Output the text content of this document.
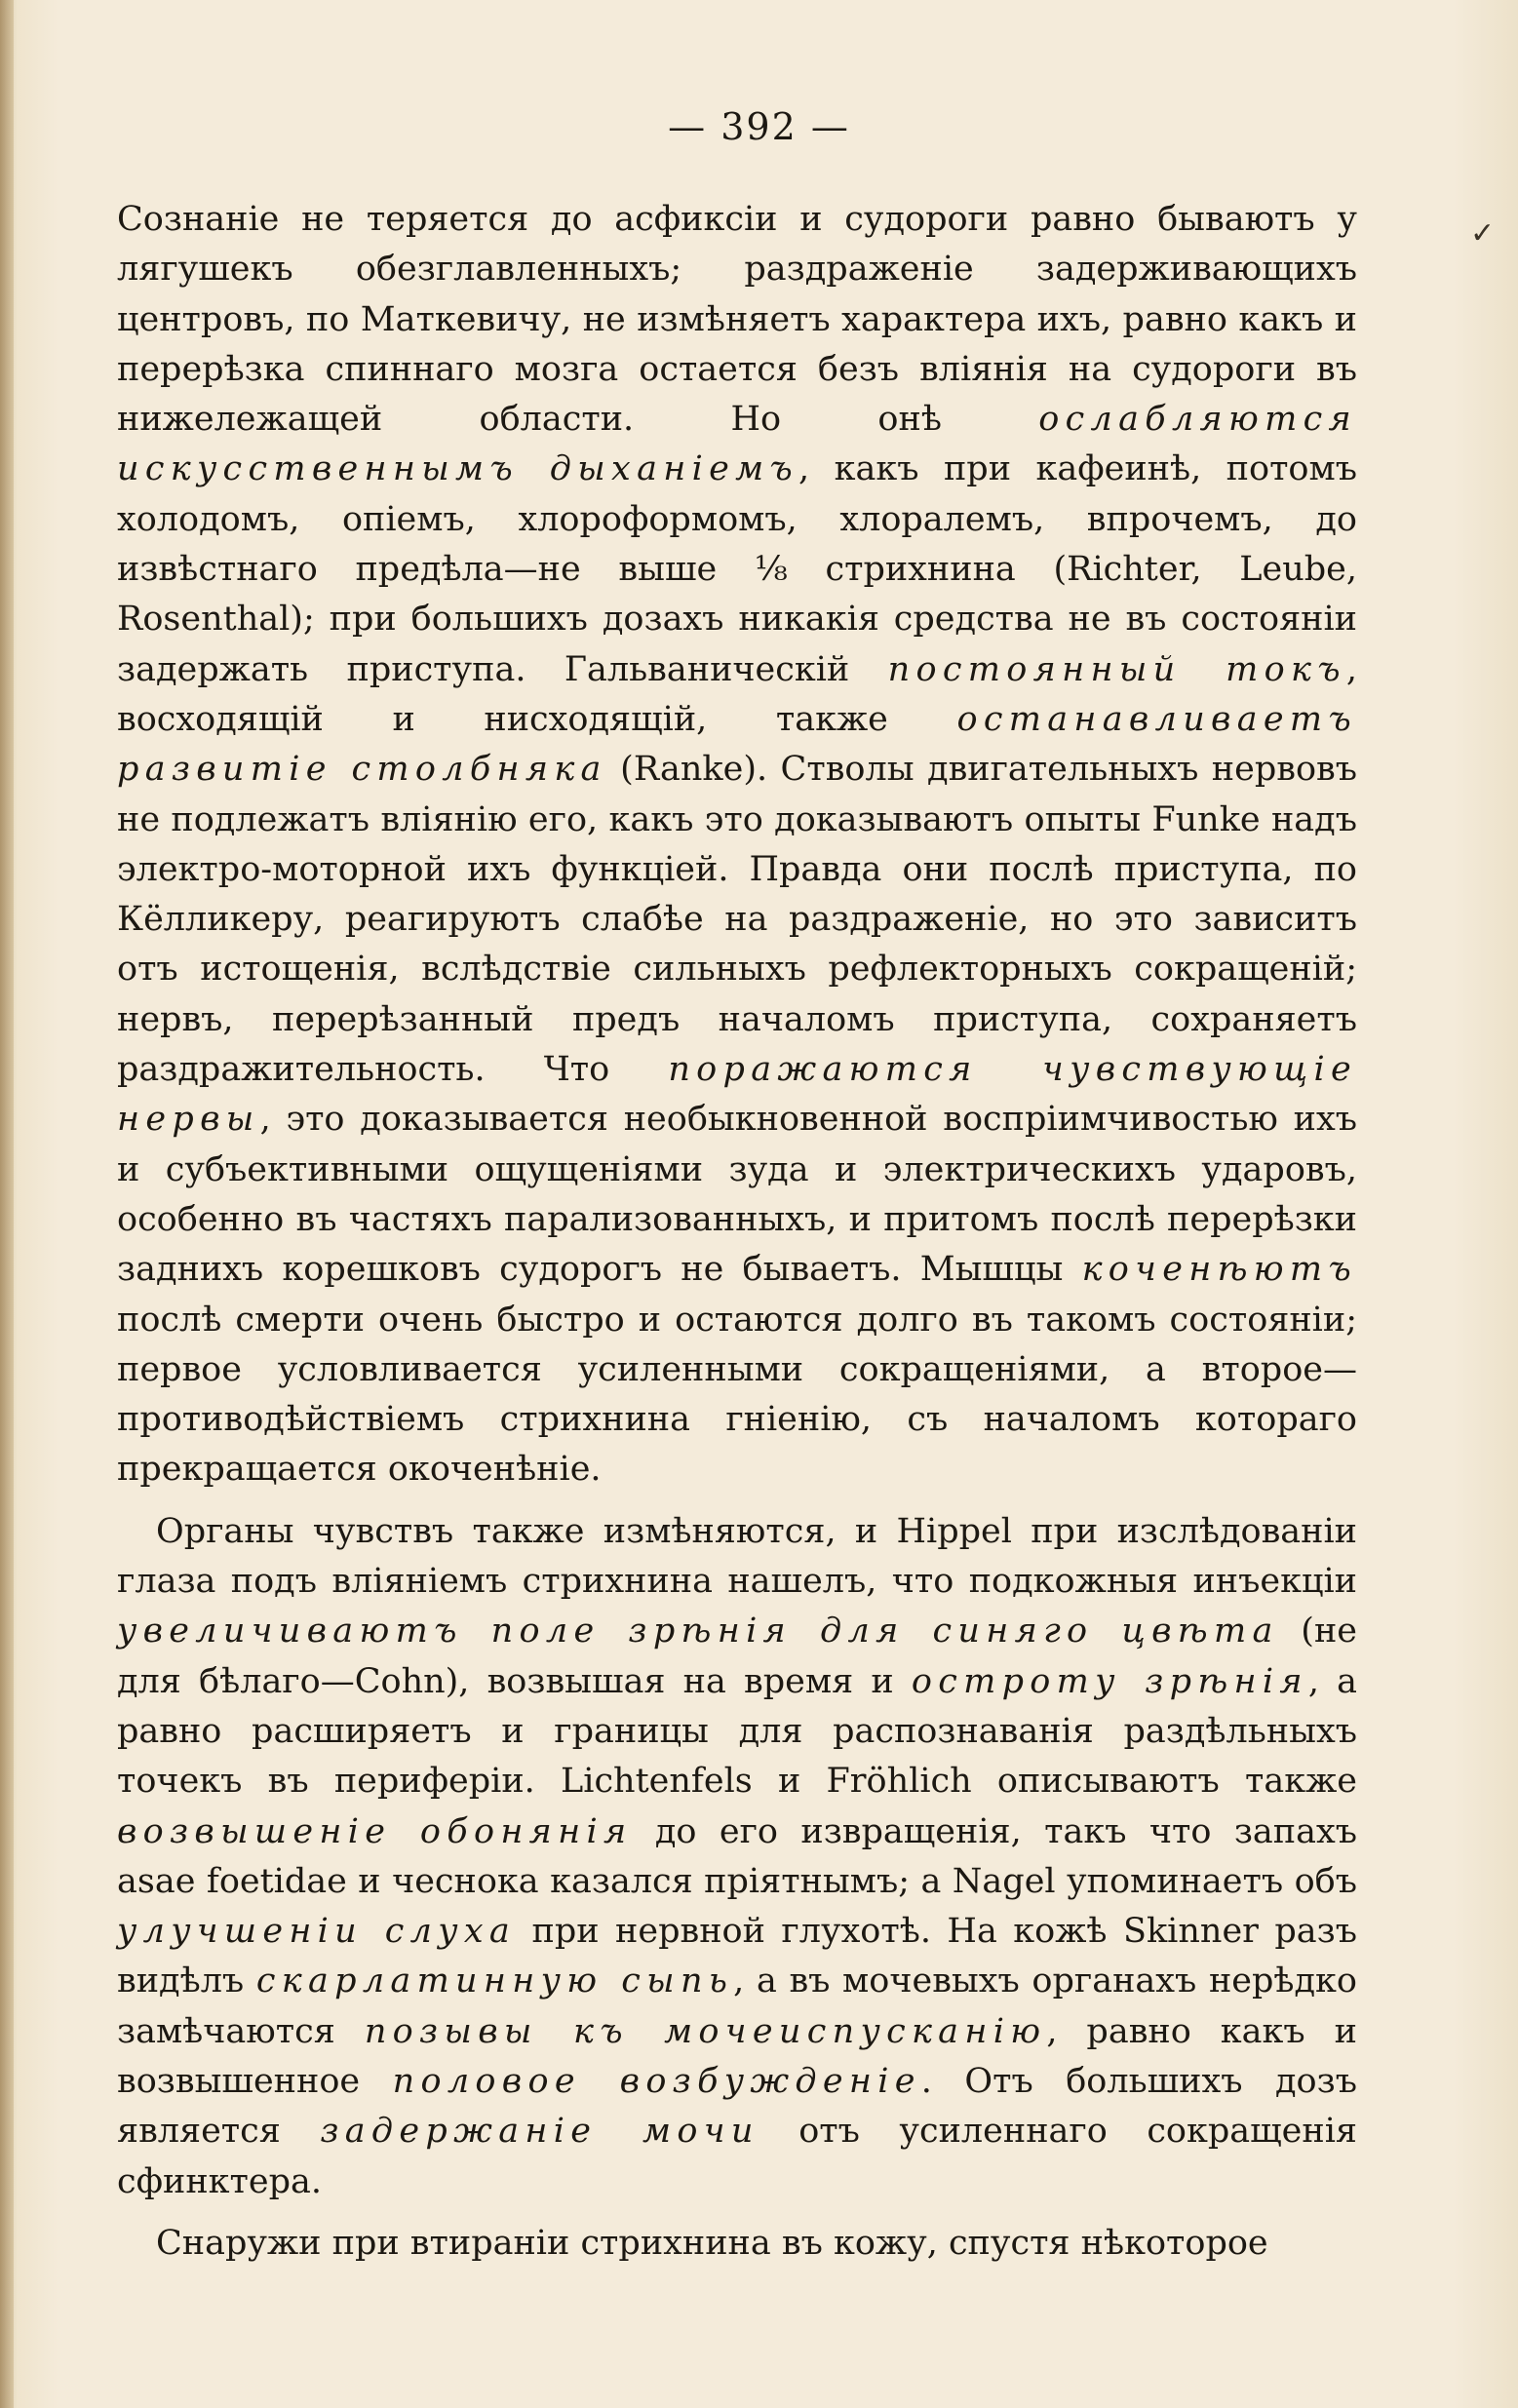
— 392 —
✓

Сознанie не теряется до асфиксiи и судороги равно бываютъ у лягушекъ обезглавленныхъ; раздраженie задерживающихъ центровъ, по Маткевичу, не измѣняетъ характера ихъ, равно какъ и перерѣзка спиннаго мозга остается безъ влiянiя на судороги въ нижележащей области. Но онѣ ослабляются искусственнымъ дыханiемъ, какъ при кафеинѣ, потомъ холодомъ, опiемъ, хлороформомъ, хлоралемъ, впрочемъ, до извѣстнаго предѣла—не выше ⅛ стрихнина (Richter, Leube, Rosenthal); при большихъ дозахъ никакiя средства не въ состоянiи задержать приступа. Гальваническiй постоянный токъ, восходящiй и нисходящiй, также останавливаетъ развитiе столбняка (Ranke). Стволы двигательныхъ нервовъ не подлежатъ влiянiю его, какъ это доказываютъ опыты Funke надъ электро-моторной ихъ функцiей. Правда они послѣ приступа, по Кёлликеру, реагируютъ слабѣе на раздраженie, но это зависитъ отъ истощенiя, вслѣдствie сильныхъ рефлекторныхъ сокращенiй; нервъ, перерѣзанный предъ началомъ приступа, сохраняетъ раздражительность. Что поражаются чувствующiе нервы, это доказывается необыкновенной воспрiимчивостью ихъ и субъективными ощущенiями зуда и электрическихъ ударовъ, особенно въ частяхъ парализованныхъ, и притомъ послѣ перерѣзки заднихъ корешковъ судорогъ не бываетъ. Мышцы коченѣютъ послѣ смерти очень быстро и остаются долго въ такомъ состоянiи; первое условливается усиленными сокращенiями, а второе—противодѣйствiемъ стрихнина гнiенiю, съ началомъ котораго прекращается окоченѣнie.

Органы чувствъ также измѣняются, и Hippel при изслѣдованiи глаза подъ влiянiемъ стрихнина нашелъ, что подкожныя инъекцiи увеличиваютъ поле зрѣнiя для синяго цвѣта (не для бѣлаго—Cohn), возвышая на время и остроту зрѣнiя, а равно расширяетъ и границы для распознаванiя раздѣльныхъ точекъ въ периферiи. Lichtenfels и Fröhlich описываютъ также возвышенiе обонянiя до его извращенiя, такъ что запахъ asae foetidae и чеснока казался прiятнымъ; а Nagel упоминаетъ объ улучшенiи слуха при нервной глухотѣ. На кожѣ Skinner разъ видѣлъ скарлатинную сыпь, а въ мочевыхъ органахъ нерѣдко замѣчаются позывы къ мочеиспусканiю, равно какъ и возвышенное половое возбужденiе. Отъ большихъ дозъ является задержанiе мочи отъ усиленнаго сокращенiя сфинктера.

Снаружи при втиранiи стрихнина въ кожу, спустя нѣкоторое
